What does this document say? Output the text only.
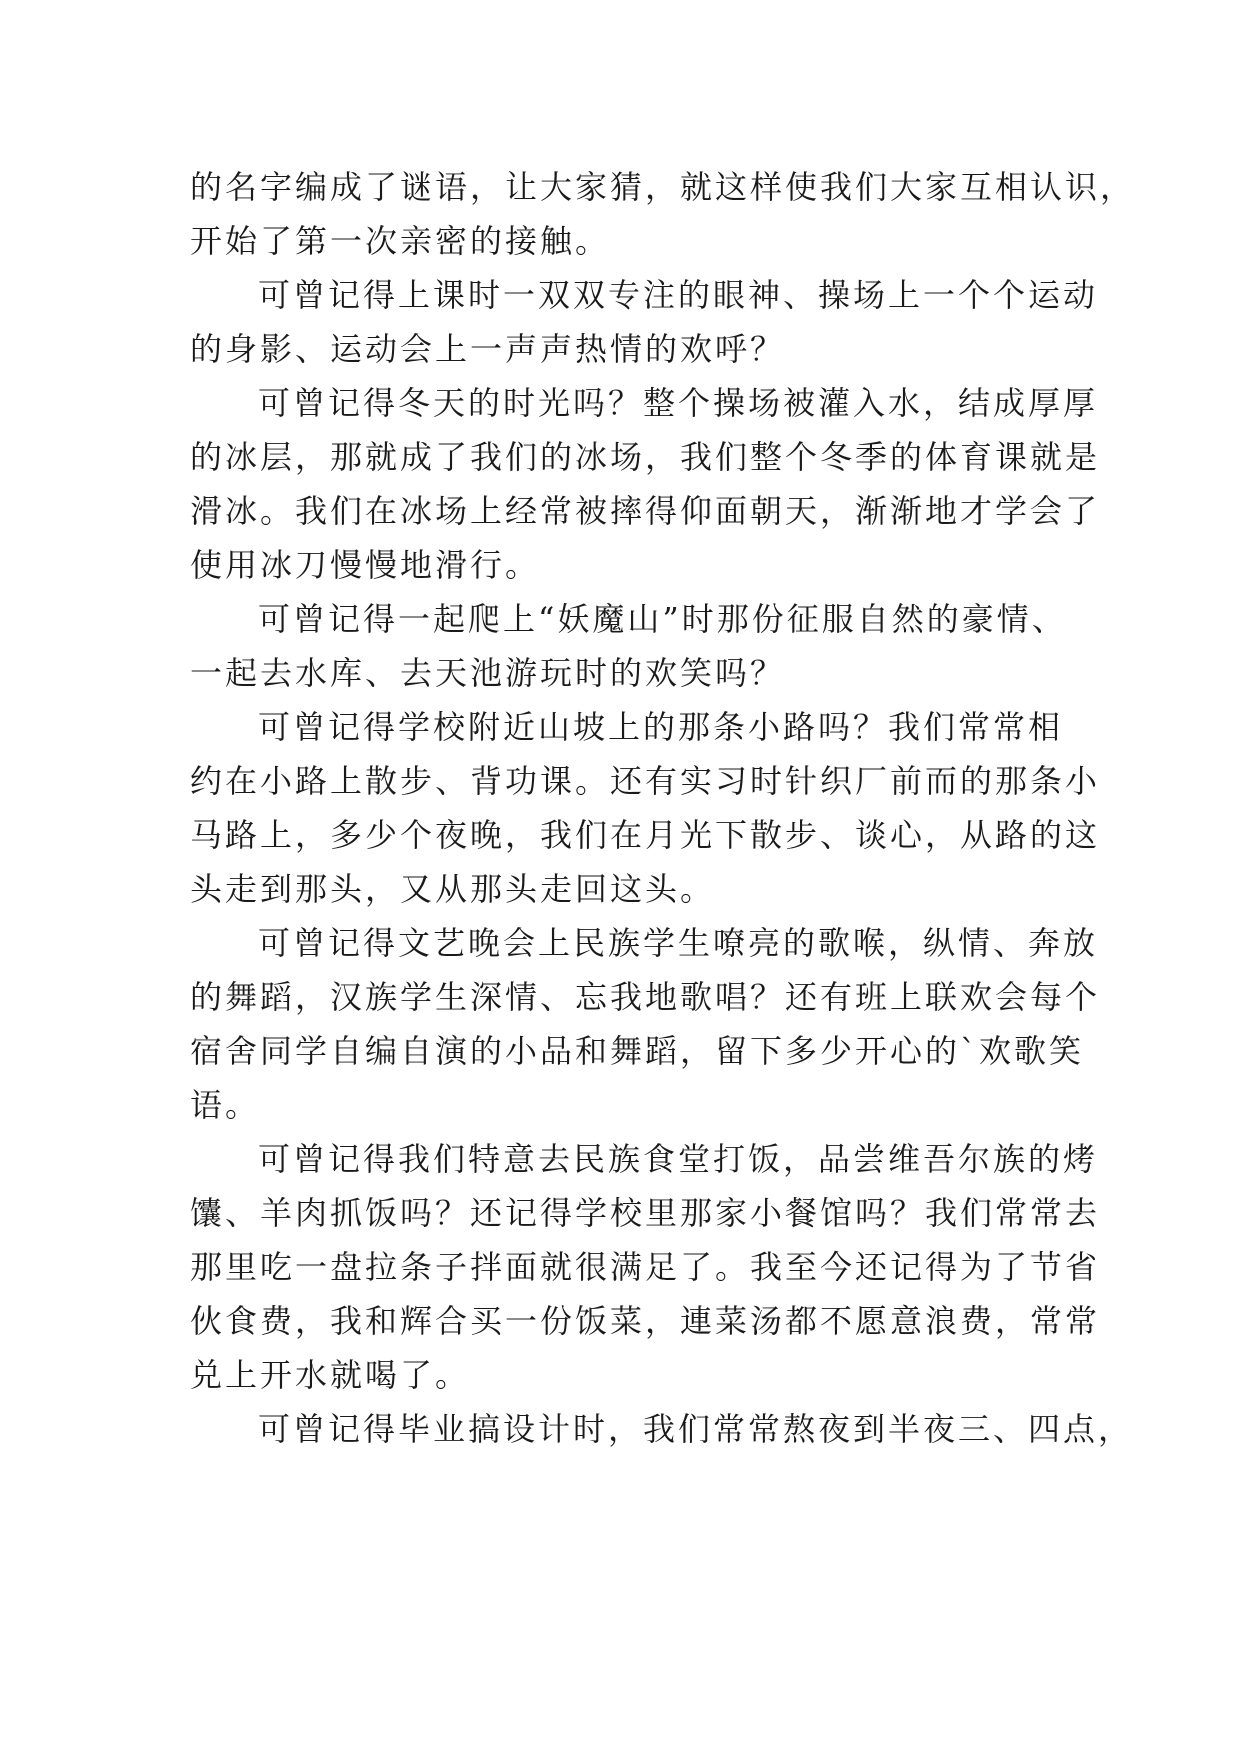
的名字编成了谜语，让大家猜，就这样使我们大家互相认识，
开始了第一次亲密的接触。
可曾记得上课时一双双专注的眼神、操场上一个个运动
的身影、运动会上一声声热情的欢呼？
可曾记得冬天的时光吗？整个操场被灌入水，结成厚厚
的冰层，那就成了我们的冰场，我们整个冬季的体育课就是
滑冰。我们在冰场上经常被摔得仰面朝天，渐渐地才学会了
使用冰刀慢慢地滑行。
可曾记得一起爬上“妖魔山”时那份征服自然的豪情、
一起去水库、去天池游玩时的欢笑吗？
可曾记得学校附近山坡上的那条小路吗？我们常常相
约在小路上散步、背功课。还有实习时针织厂前而的那条小
马路上，多少个夜晚，我们在月光下散步、谈心，从路的这
头走到那头，又从那头走回这头。
可曾记得文艺晚会上民族学生嘹亮的歌喉，纵情、奔放
的舞蹈，汉族学生深情、忘我地歌唱？还有班上联欢会每个
宿舍同学自编自演的小品和舞蹈，留下多少开心的`欢歌笑
语。
可曾记得我们特意去民族食堂打饭，品尝维吾尔族的烤
馕、羊肉抓饭吗？还记得学校里那家小餐馆吗？我们常常去
那里吃一盘拉条子拌面就很满足了。我至今还记得为了节省
伙食费，我和辉合买一份饭菜，連菜汤都不愿意浪费，常常
兑上开水就喝了。
可曾记得毕业搞设计时，我们常常熬夜到半夜三、四点，
